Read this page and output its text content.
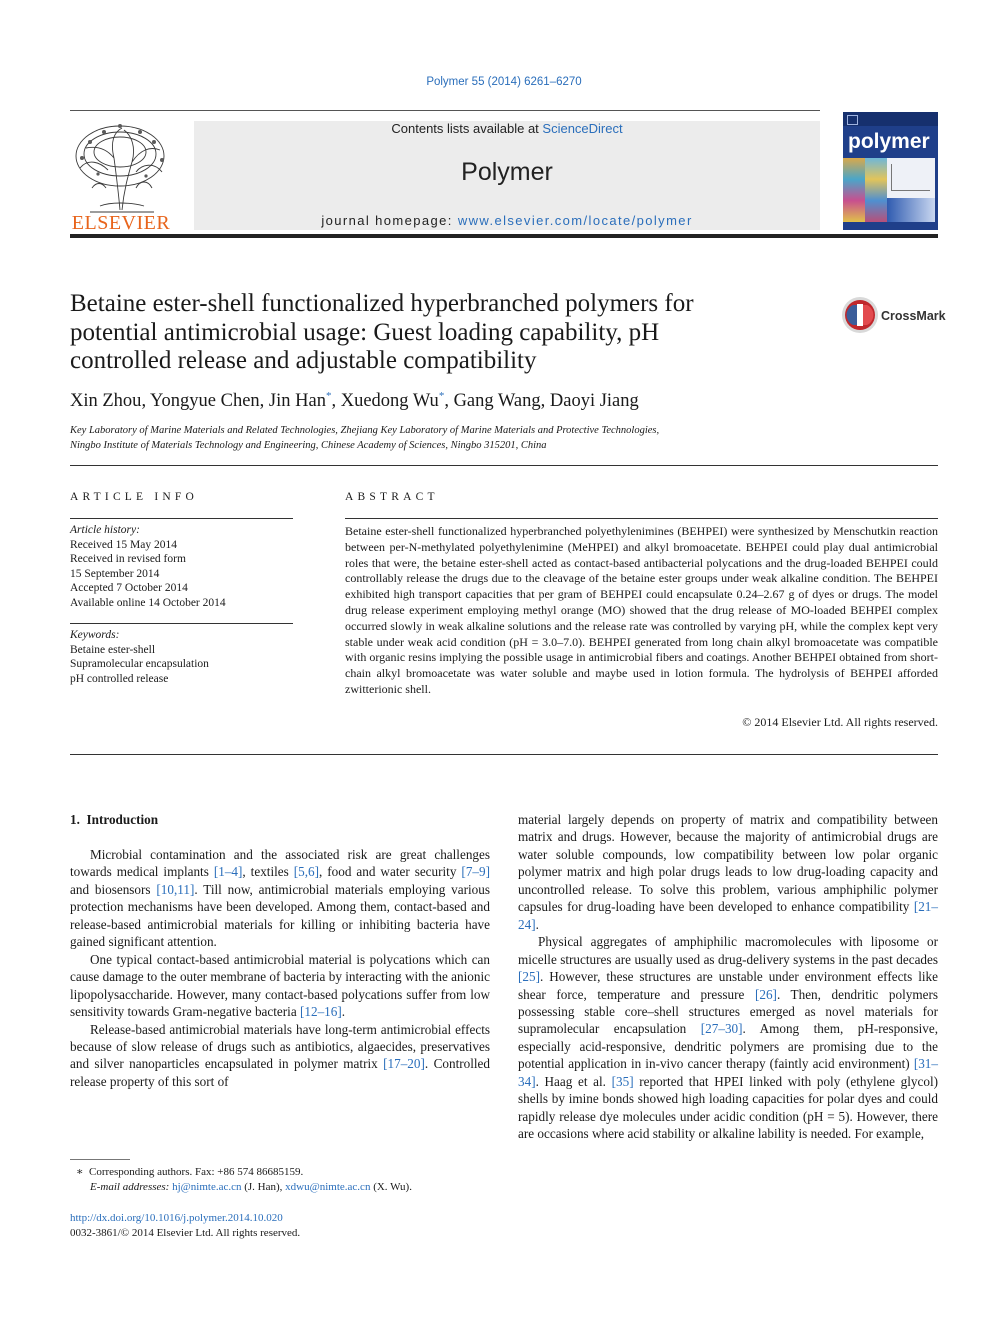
Polymer 55 (2014) 6261–6270
ELSEVIER
Contents lists available at ScienceDirect
Polymer
journal homepage: www.elsevier.com/locate/polymer
polymer
Betaine ester-shell functionalized hyperbranched polymers for potential antimicrobial usage: Guest loading capability, pH controlled release and adjustable compatibility
CrossMark
Xin Zhou, Yongyue Chen, Jin Han*, Xuedong Wu*, Gang Wang, Daoyi Jiang
Key Laboratory of Marine Materials and Related Technologies, Zhejiang Key Laboratory of Marine Materials and Protective Technologies,
Ningbo Institute of Materials Technology and Engineering, Chinese Academy of Sciences, Ningbo 315201, China
ARTICLE INFO
Article history:
Received 15 May 2014
Received in revised form
15 September 2014
Accepted 7 October 2014
Available online 14 October 2014
Keywords:
Betaine ester-shell
Supramolecular encapsulation
pH controlled release
ABSTRACT
Betaine ester-shell functionalized hyperbranched polyethylenimines (BEHPEI) were synthesized by Menschutkin reaction between per-N-methylated polyethylenimine (MeHPEI) and alkyl bromoacetate. BEHPEI could play dual antimicrobial roles that were, the betaine ester-shell acted as contact-based antibacterial polycations and the drug-loaded BEHPEI could controllably release the drugs due to the cleavage of the betaine ester groups under weak alkaline condition. The BEHPEI exhibited high transport capacities that per gram of BEHPEI could encapsulate 0.24–2.67 g of dyes or drugs. The model drug release experiment employing methyl orange (MO) showed that the drug release of MO-loaded BEHPEI complex occurred slowly in weak alkaline solutions and the release rate was controlled by varying pH, while the complex kept very stable under weak acid condition (pH = 3.0–7.0). BEHPEI generated from long chain alkyl bromoacetate was compatible with organic resins implying the possible usage in antimicrobial fibers and coatings. Another BEHPEI obtained from short-chain alkyl bromoacetate was water soluble and maybe used in lotion formula. The hydrolysis of BEHPEI afforded zwitterionic shell.
© 2014 Elsevier Ltd. All rights reserved.
1. Introduction

Microbial contamination and the associated risk are great challenges towards medical implants [1–4], textiles [5,6], food and water security [7–9] and biosensors [10,11]. Till now, antimicrobial materials employing various protection mechanisms have been developed. Among them, contact-based and release-based antimicrobial materials for killing or inhibiting bacteria have gained significant attention.

One typical contact-based antimicrobial material is polycations which can cause damage to the outer membrane of bacteria by interacting with the anionic lipopolysaccharide. However, many contact-based polycations suffer from low sensitivity towards Gram-negative bacteria [12–16].

Release-based antimicrobial materials have long-term antimicrobial effects because of slow release of drugs such as antibiotics, algaecides, preservatives and silver nanoparticles encapsulated in polymer matrix [17–20]. Controlled release property of this sort of

material largely depends on property of matrix and compatibility between matrix and drugs. However, because the majority of antimicrobial drugs are water soluble compounds, low compatibility between low polar organic polymer matrix and high polar drugs leads to low drug-loading capacity and uncontrolled release. To solve this problem, various amphiphilic polymer capsules for drug-loading have been developed to enhance compatibility [21–24].

Physical aggregates of amphiphilic macromolecules with liposome or micelle structures are usually used as drug-delivery systems in the past decades [25]. However, these structures are unstable under environment effects like shear force, temperature and pressure [26]. Then, dendritic polymers possessing stable core–shell structures emerged as novel materials for supramolecular encapsulation [27–30]. Among them, pH-responsive, especially acid-responsive, dendritic polymers are promising due to the potential application in in-vivo cancer therapy (faintly acid environment) [31–34]. Haag et al. [35] reported that HPEI linked with poly (ethylene glycol) shells by imine bonds showed high loading capacities for polar dyes and could rapidly release dye molecules under acidic condition (pH = 5). However, there are occasions where acid stability or alkaline lability is needed. For example,

∗ Corresponding authors. Fax: +86 574 86685159.
E-mail addresses: hj@nimte.ac.cn (J. Han), xdwu@nimte.ac.cn (X. Wu).
http://dx.doi.org/10.1016/j.polymer.2014.10.020
0032-3861/© 2014 Elsevier Ltd. All rights reserved.
